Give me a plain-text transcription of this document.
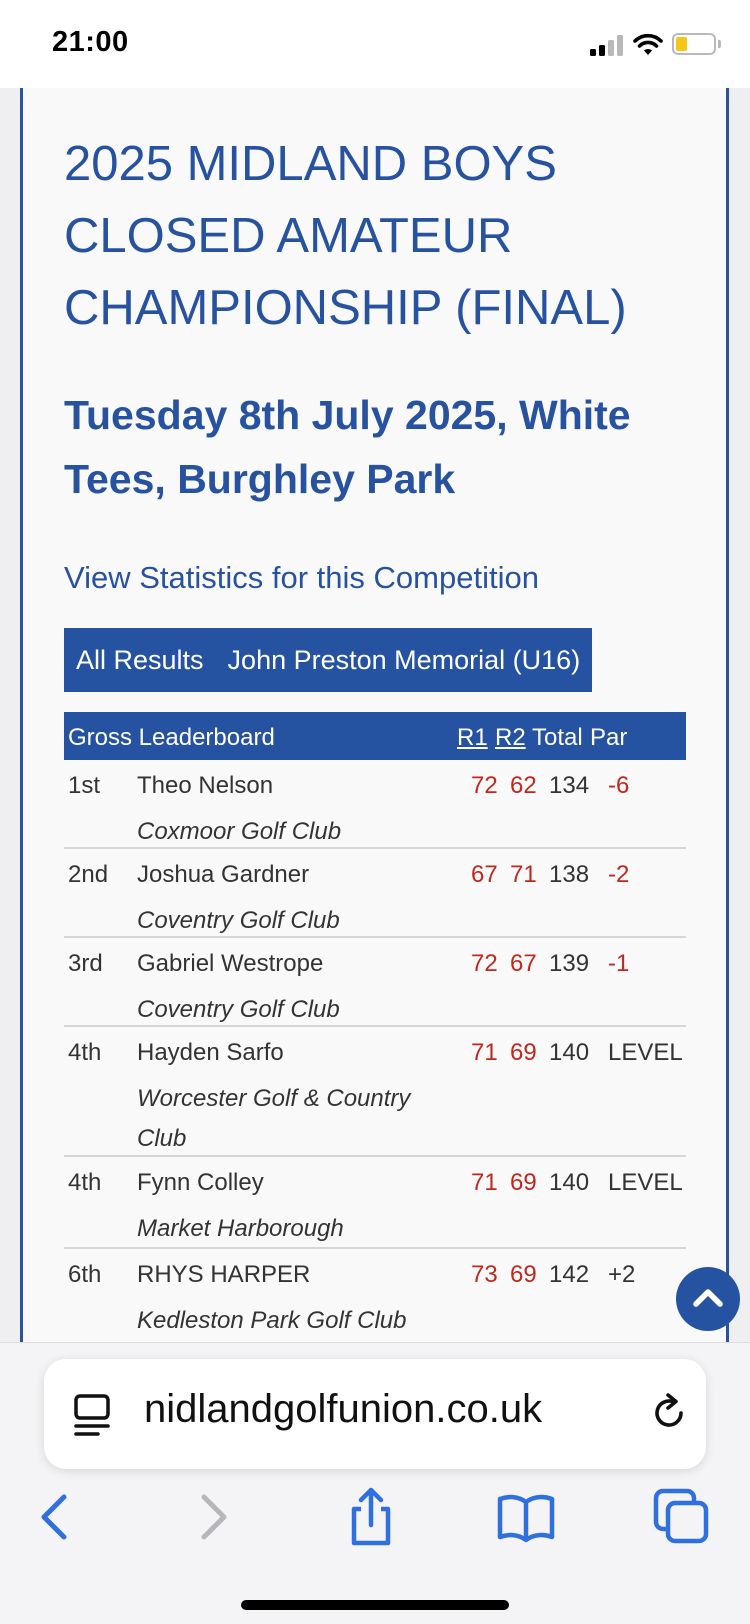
21:00
2025 MIDLAND BOYS CLOSED AMATEUR CHAMPIONSHIP (FINAL)
Tuesday 8th July 2025, White Tees, Burghley Park
View Statistics for this Competition
All Results John Preston Memorial (U16)
Gross Leaderboard	R1 R2 Total Par
1st Theo Nelson
Coxmoor Golf Club
72 62 134 -6
2nd Joshua Gardner
Coventry Golf Club
67 71 138 -2
3rd Gabriel Westrope
Coventry Golf Club
72 67 139 -1
4th Hayden Sarfo
Worcester Golf & Country Club
71 69 140 LEVEL
4th Fynn Colley
Market Harborough
71 69 140 LEVEL
6th RHYS HARPER
Kedleston Park Golf Club
73 69 142 +2
nidlandgolfunion.co.uk
